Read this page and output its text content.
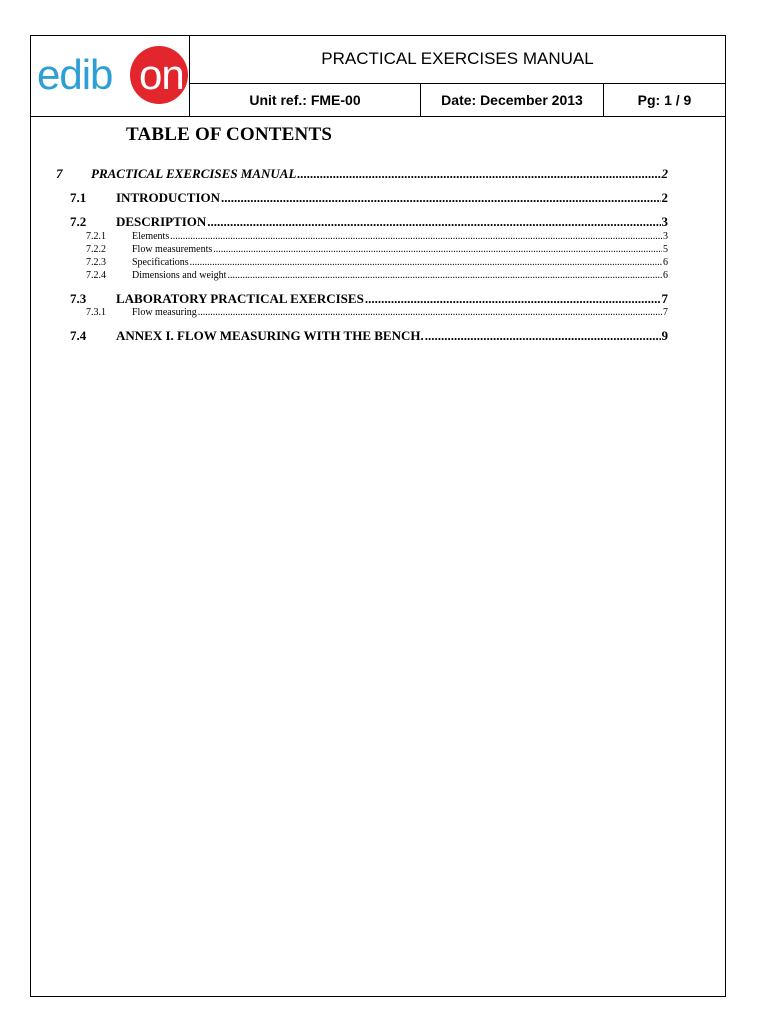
edib on	PRACTICAL EXERCISES MANUAL
Unit ref.: FME-00	Date: December 2013	Pg: 1 / 9
TABLE OF CONTENTS
7	PRACTICAL EXERCISES MANUAL .....	2
7.1	INTRODUCTION .....	2
7.2	DESCRIPTION .....	3
7.2.1	Elements .....	3
7.2.2	Flow measurements .....	5
7.2.3	Specifications .....	6
7.2.4	Dimensions and weight .....	6
7.3	LABORATORY PRACTICAL EXERCISES .....	7
7.3.1	Flow measuring .....	7
7.4	ANNEX I. FLOW MEASURING WITH THE BENCH. .....	9
